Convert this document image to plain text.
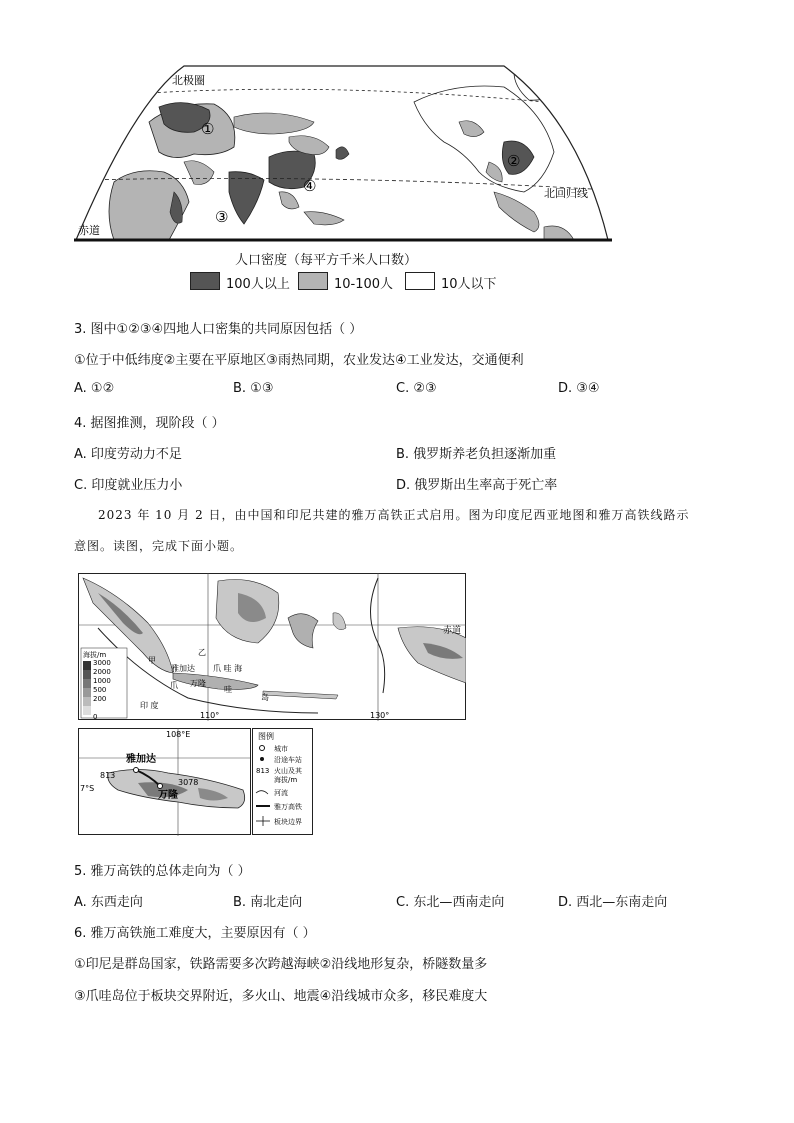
北极圈
北回归线
赤道
①
②
③
④
人口密度（每平方千米人口数）
100人以上	10-100人	10人以下
3. 图中①②③④四地人口密集的共同原因包括（ ）
①位于中低纬度②主要在平原地区③雨热同期，农业发达④工业发达，交通便利
A. ①②	B. ①③	C. ②③	D. ③④
4. 据图推测，现阶段（ ）
A. 印度劳动力不足	B. 俄罗斯养老负担逐渐加重
C. 印度就业压力小	D. 俄罗斯出生率高于死亡率
2023 年 10 月 2 日，由中国和印尼共建的雅万高铁正式启用。图为印度尼西亚地图和雅万高铁线路示
意图。读图，完成下面小题。
海拔/m
3000
2000
1000
500
200
0
赤道
110°	130°
甲
乙
雅加达 爪 哇 海
爪 万隆
哇
印 度
岛
108°E
7°S
雅加达
万隆
813
3078
图例
城市
沿途车站
813 火山及其
海拔/m
河流
雅万高铁
板块边界
5. 雅万高铁的总体走向为（ ）
A. 东西走向	B. 南北走向	C. 东北—西南走向	D. 西北—东南走向
6. 雅万高铁施工难度大，主要原因有（ ）
①印尼是群岛国家，铁路需要多次跨越海峡②沿线地形复杂，桥隧数量多
③爪哇岛位于板块交界附近，多火山、地震④沿线城市众多，移民难度大
